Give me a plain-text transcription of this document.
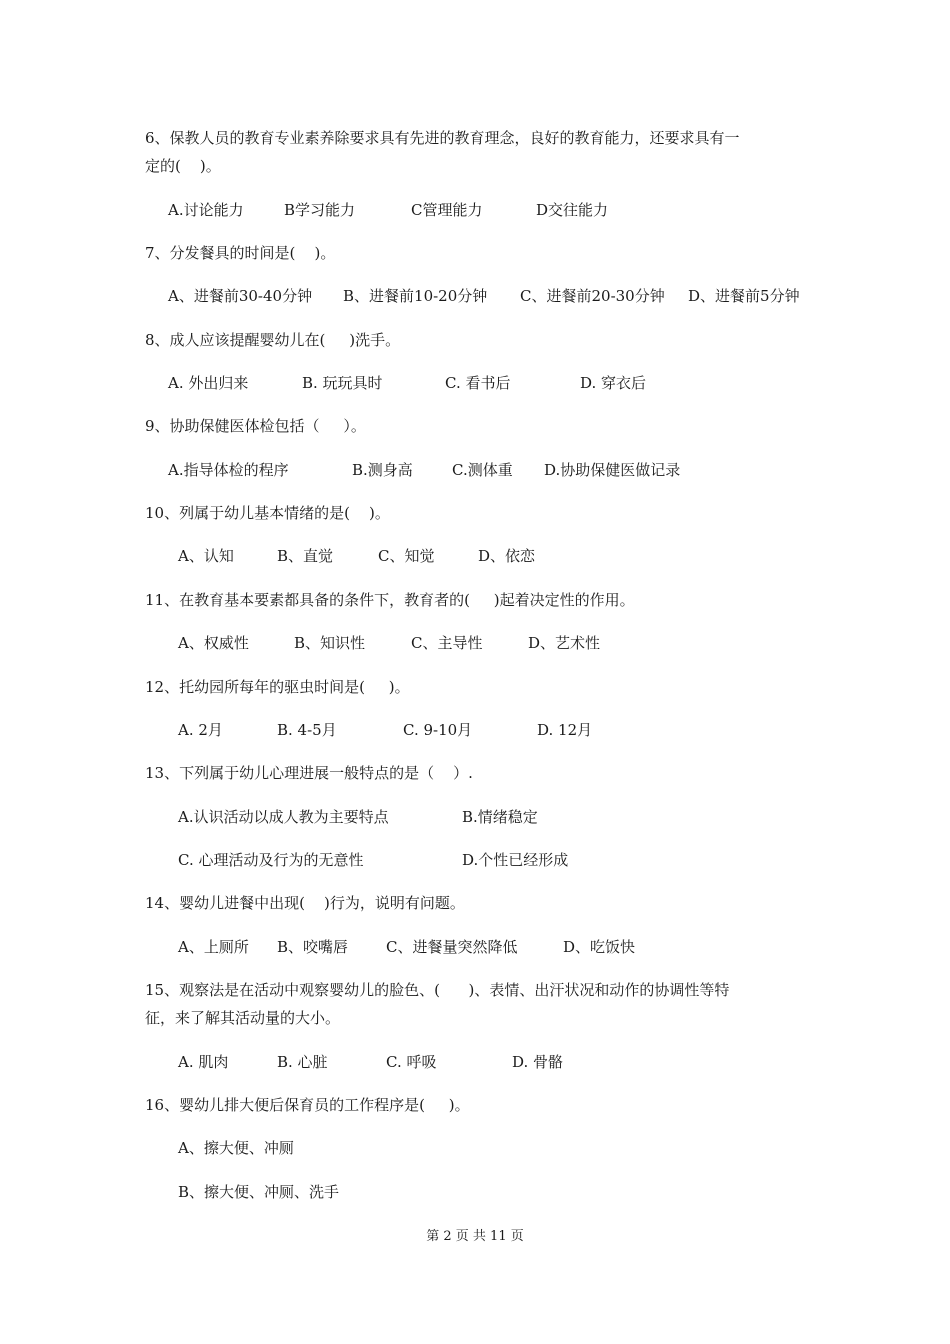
6、保教人员的教育专业素养除要求具有先进的教育理念，良好的教育能力，还要求具有一

定的(    )。

A.讨论能力

	B学习能力

	C管理能力

	D交往能力

7、分发餐具的时间是(    )。

A、进餐前30-40分钟

B、进餐前10-20分钟

C、进餐前20-30分钟

D、进餐前5分钟

8、成人应该提醒婴幼儿在(     )洗手。

A. 外出归来

	B. 玩玩具时

	C. 看书后

	D. 穿衣后

9、协助保健医体检包括（     ）。

A.指导体检的程序

	B.测身高

	C.测体重

D.协助保健医做记录

10、列属于幼儿基本情绪的是(    )。

A、认知

	B、直觉

	C、知觉

	D、依恋

11、在教育基本要素都具备的条件下，教育者的(     )起着决定性的作用。

A、权威性

	B、知识性

	C、主导性

	D、艺术性

12、托幼园所每年的驱虫时间是(     )。

A. 2月

	B. 4-5月

	C. 9-10月

	D. 12月

13、下列属于幼儿心理进展一般特点的是（    ）.

A.认识活动以成人教为主要特点

	B.情绪稳定

C. 心理活动及行为的无意性

	D.个性已经形成

14、婴幼儿进餐中出现(    )行为，说明有问题。

A、上厕所

B、咬嘴唇

	C、进餐量突然降低

	D、吃饭快

15、观察法是在活动中观察婴幼儿的脸色、(      )、表情、出汗状况和动作的协调性等特

征，来了解其活动量的大小。

A. 肌肉

	B. 心脏

	C. 呼吸

	D. 骨骼

16、婴幼儿排大便后保育员的工作程序是(     )。

A、擦大便、冲厕

B、擦大便、冲厕、洗手

第 2 页 共 11 页
